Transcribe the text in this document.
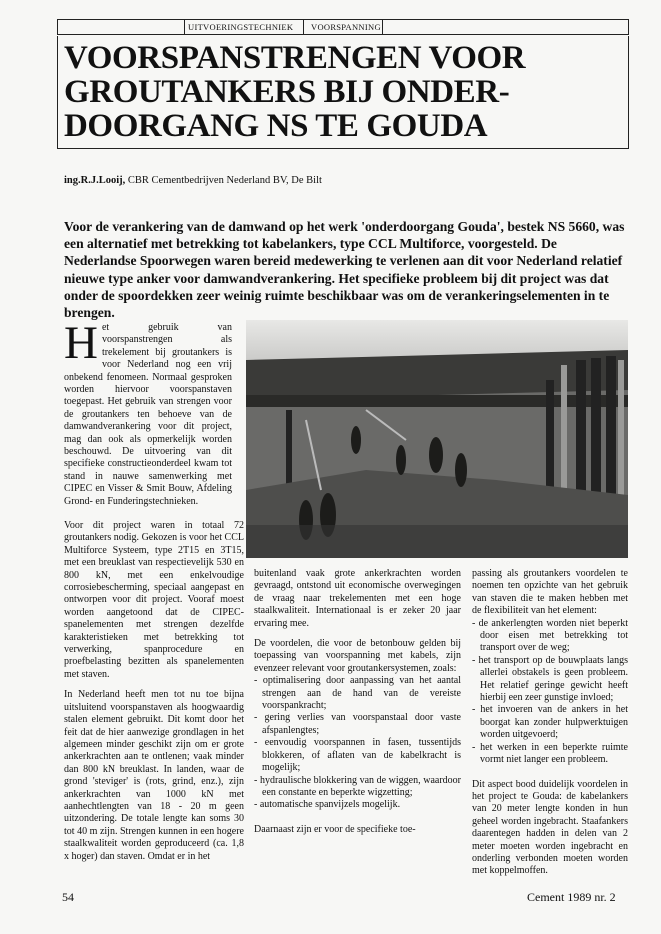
UITVOERINGSTECHNIEK	VOORSPANNING
VOORSPANSTRENGEN VOOR GROUTANKERS BIJ ONDER-DOORGANG NS TE GOUDA
ing.R.J.Looij, CBR Cementbedrijven Nederland BV, De Bilt

Voor de verankering van de damwand op het werk 'onderdoorgang Gouda', bestek NS 5660, was een alternatief met betrekking tot kabelankers, type CCL Multiforce, voorgesteld. De Nederlandse Spoorwegen waren bereid medewerking te verlenen aan dit voor Nederland relatief nieuwe type anker voor damwandverankering. Het specifieke probleem bij dit project was dat onder de spoordekken zeer weinig ruimte beschikbaar was om de verankeringselementen in te brengen.

Het gebruik van voorspanstrengen als trekelement bij groutankers is voor Nederland nog een vrij onbekend fenomeen. Normaal gesproken worden hiervoor voorspanstaven toegepast. Het gebruik van strengen voor de groutankers ten behoeve van de damwandverankering voor dit project, mag dan ook als opmerkelijk worden beschouwd. De uitvoering van dit specifieke constructieonderdeel kwam tot stand in nauwe samenwerking met CIPEC en Visser & Smit Bouw, Afdeling Grond- en Funderingstechnieken.

Voor dit project waren in totaal 72 groutankers nodig. Gekozen is voor het CCL Multiforce Systeem, type 2T15 en 3T15, met een breuklast van respectievelijk 530 en 800 kN, met een enkelvoudige corrosiebescherming, speciaal aangepast en ontworpen voor dit project. Vooraf moest worden aangetoond dat de CIPEC-spanelementen met strengen dezelfde karakteristieken met betrekking tot verwerking, spanprocedure en proefbelasting bezitten als spanelementen met staven.

In Nederland heeft men tot nu toe bijna uitsluitend voorspanstaven als hoogwaardig stalen element gebruikt. Dit komt door het feit dat de hier aanwezige grondlagen in het algemeen minder geschikt zijn om er grote ankerkrachten aan te ontlenen; vaak minder dan 800 kN breuklast. In landen, waar de grond 'steviger' is (rots, grind, enz.), zijn ankerkrachten van 1000 kN met aanhechtlengten van 18 - 20 m geen uitzondering. De totale lengte kan soms 30 tot 40 m zijn. Strengen kunnen in een hogere staalkwaliteit worden geproduceerd (ca. 1,8 x hoger) dan staven. Omdat er in het

buitenland vaak grote ankerkrachten worden gevraagd, ontstond uit economische overwegingen de vraag naar trekelementen met een hoge staalkwaliteit. Internationaal is er zeker 20 jaar ervaring mee.

De voordelen, die voor de betonbouw gelden bij toepassing van voorspanning met kabels, zijn evenzeer relevant voor groutankersystemen, zoals:

- optimalisering door aanpassing van het aantal strengen aan de hand van de vereiste voorspankracht;
- gering verlies van voorspanstaal door vaste afspanlengtes;
- eenvoudig voorspannen in fasen, tussentijds blokkeren, of aflaten van de kabelkracht is mogelijk;
- hydraulische blokkering van de wiggen, waardoor een constante en beperkte wigzetting;
- automatische spanvijzels mogelijk.

Daarnaast zijn er voor de specifieke toe-

passing als groutankers voordelen te noemen ten opzichte van het gebruik van staven die te maken hebben met de flexibiliteit van het element:

- de ankerlengten worden niet beperkt door eisen met betrekking tot transport over de weg;
- het transport op de bouwplaats langs allerlei obstakels is geen probleem. Het relatief geringe gewicht heeft hierbij een zeer gunstige invloed;
- het invoeren van de ankers in het boorgat kan zonder hulpwerktuigen worden uitgevoerd;
- het werken in een beperkte ruimte vormt niet langer een probleem.

Dit aspect bood duidelijk voordelen in het project te Gouda: de kabelankers van 20 meter lengte konden in hun geheel worden ingebracht. Staafankers daarentegen hadden in delen van 2 meter moeten worden ingebracht en onderling verbonden moeten worden met koppelmoffen.

54	Cement 1989 nr. 2
